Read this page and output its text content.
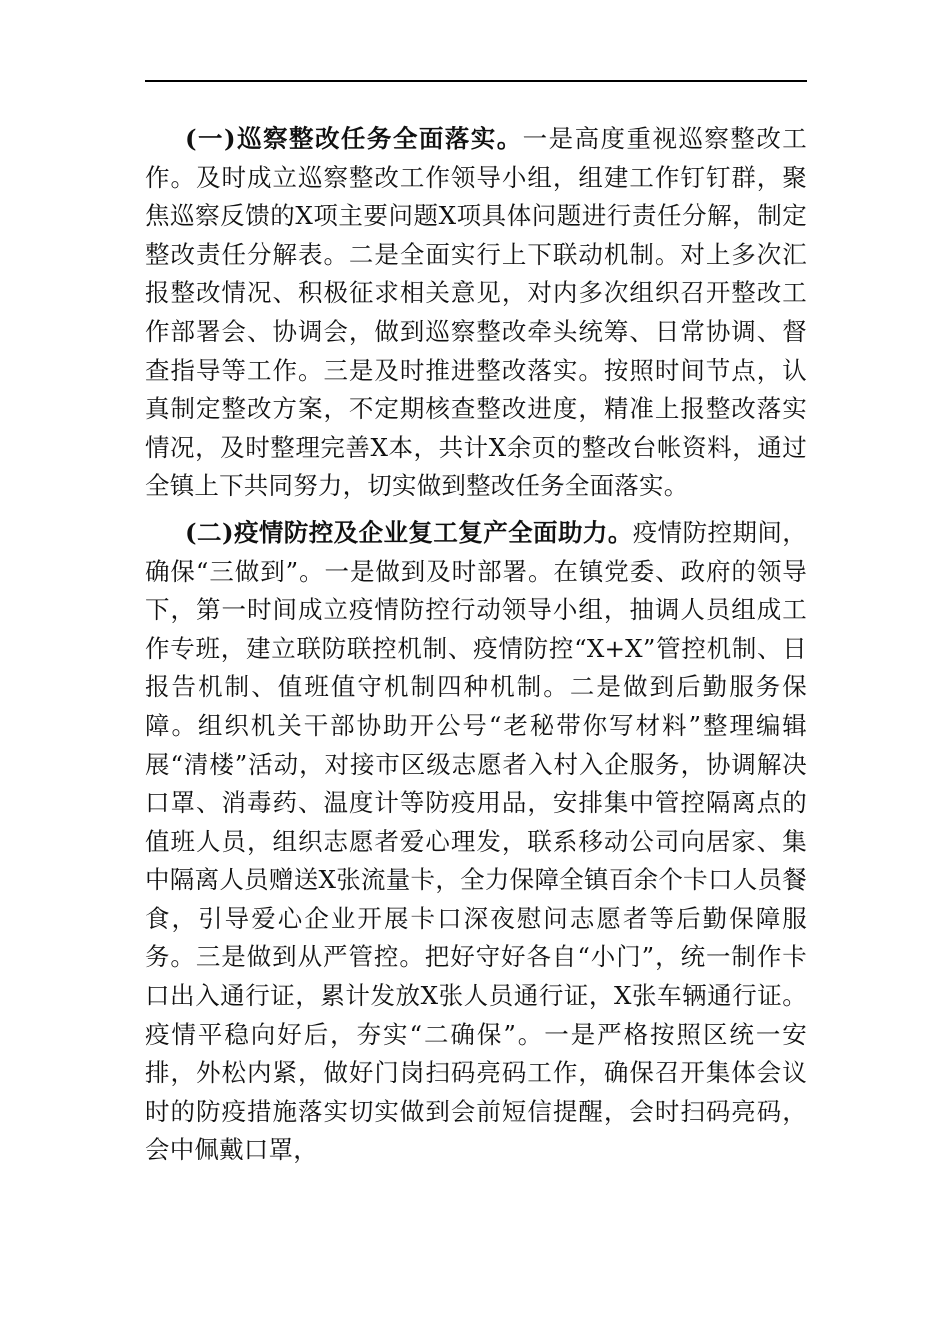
(一)巡察整改任务全面落实。一是高度重视巡察整改工作。及时成立巡察整改工作领导小组，组建工作钉钉群，聚焦巡察反馈的X项主要问题X项具体问题进行责任分解，制定整改责任分解表。二是全面实行上下联动机制。对上多次汇报整改情况、积极征求相关意见，对内多次组织召开整改工作部署会、协调会，做到巡察整改牵头统筹、日常协调、督查指导等工作。三是及时推进整改落实。按照时间节点，认真制定整改方案，不定期核查整改进度，精准上报整改落实情况，及时整理完善X本，共计X余页的整改台帐资料，通过全镇上下共同努力，切实做到整改任务全面落实。

(二)疫情防控及企业复工复产全面助力。疫情防控期间，确保“三做到”。一是做到及时部署。在镇党委、政府的领导下，第一时间成立疫情防控行动领导小组，抽调人员组成工作专班，建立联防联控机制、疫情防控“X+X”管控机制、日报告机制、值班值守机制四种机制。二是做到后勤服务保障。组织机关干部协助开公号“老秘带你写材料”整理编辑展“清楼”活动，对接市区级志愿者入村入企服务，协调解决口罩、消毒药、温度计等防疫用品，安排集中管控隔离点的值班人员，组织志愿者爱心理发，联系移动公司向居家、集中隔离人员赠送X张流量卡，全力保障全镇百余个卡口人员餐食，引导爱心企业开展卡口深夜慰问志愿者等后勤保障服务。三是做到从严管控。把好守好各自“小门”，统一制作卡口出入通行证，累计发放X张人员通行证，X张车辆通行证。疫情平稳向好后，夯实“二确保”。一是严格按照区统一安排，外松内紧，做好门岗扫码亮码工作，确保召开集体会议时的防疫措施落实切实做到会前短信提醒，会时扫码亮码，会中佩戴口罩，
